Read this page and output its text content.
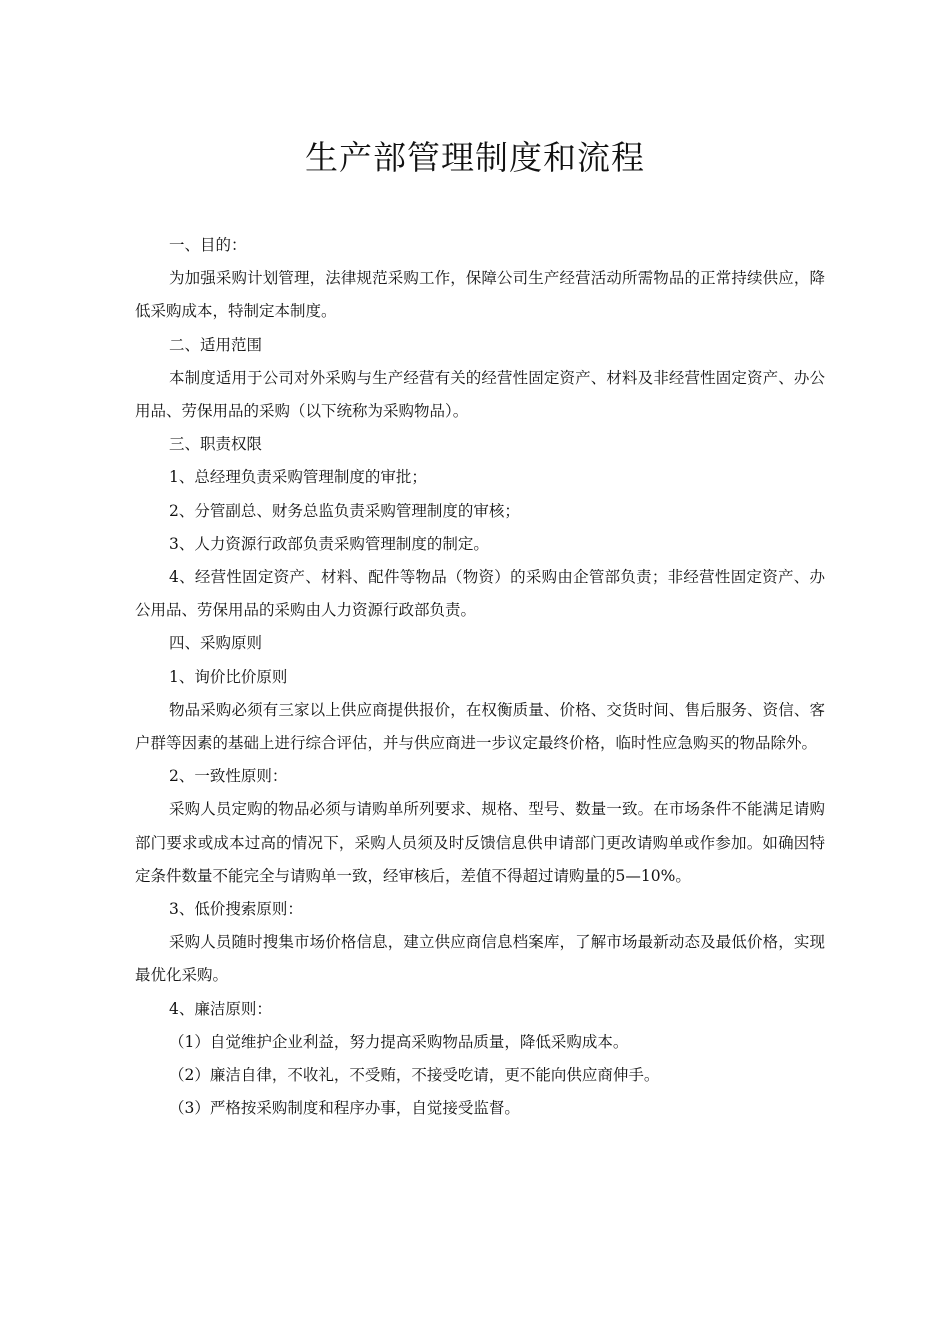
生产部管理制度和流程

一、目的：

为加强采购计划管理，法律规范采购工作，保障公司生产经营活动所需物品的正常持续供应，降低采购成本，特制定本制度。

二、适用范围

本制度适用于公司对外采购与生产经营有关的经营性固定资产、材料及非经营性固定资产、办公用品、劳保用品的采购（以下统称为采购物品）。

三、职责权限

1、总经理负责采购管理制度的审批；

2、分管副总、财务总监负责采购管理制度的审核；

3、人力资源行政部负责采购管理制度的制定。

4、经营性固定资产、材料、配件等物品（物资）的采购由企管部负责；非经营性固定资产、办公用品、劳保用品的采购由人力资源行政部负责。

四、采购原则

1、询价比价原则

物品采购必须有三家以上供应商提供报价，在权衡质量、价格、交货时间、售后服务、资信、客户群等因素的基础上进行综合评估，并与供应商进一步议定最终价格，临时性应急购买的物品除外。

2、一致性原则：

采购人员定购的物品必须与请购单所列要求、规格、型号、数量一致。在市场条件不能满足请购部门要求或成本过高的情况下，采购人员须及时反馈信息供申请部门更改请购单或作参加。如确因特定条件数量不能完全与请购单一致，经审核后，差值不得超过请购量的5—10%。

3、低价搜索原则：

采购人员随时搜集市场价格信息，建立供应商信息档案库，了解市场最新动态及最低价格，实现最优化采购。

4、廉洁原则：

（1）自觉维护企业利益，努力提高采购物品质量，降低采购成本。

（2）廉洁自律，不收礼，不受贿，不接受吃请，更不能向供应商伸手。

（3）严格按采购制度和程序办事，自觉接受监督。
